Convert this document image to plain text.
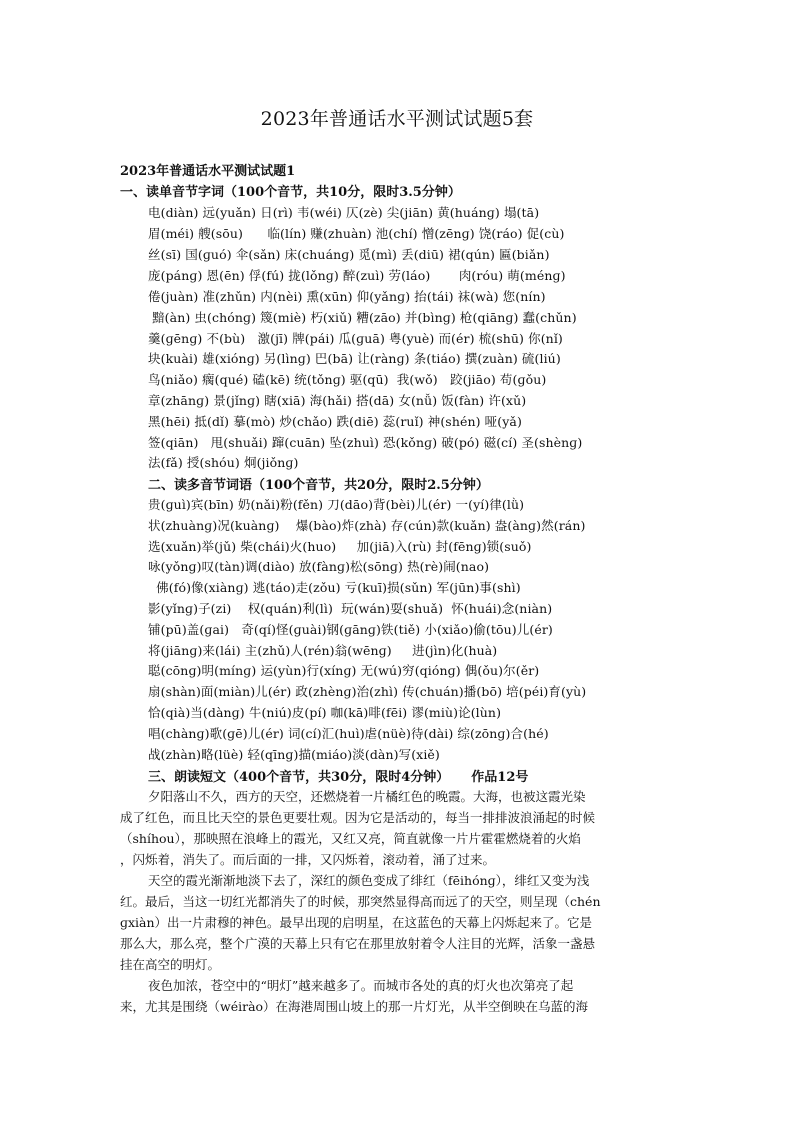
2023年普通话水平测试试题5套
2023年普通话水平测试试题1
一、读单音节字词（100个音节，共10分，限时3.5分钟）
电(diàn) 远(yuǎn) 日(rì) 韦(wéi) 仄(zè) 尖(jiān) 黄(huánɡ) 塌(tā)
眉(méi) 艘(sōu)      临(lín) 赚(zhuàn) 池(chí) 憎(zēnɡ) 饶(ráo) 促(cù)
丝(sī) 国(ɡuó) 伞(sǎn) 床(chuánɡ) 觅(mì) 丢(diū) 裙(qún) 匾(biǎn)
庞(pánɡ) 恩(ēn) 俘(fú) 拢(lǒnɡ) 醉(zuì) 劳(láo)       肉(róu) 萌(ménɡ)
倦(juàn) 准(zhǔn) 内(nèi) 熏(xūn) 仰(yǎnɡ) 抬(tái) 袜(wà) 您(nín)
黯(àn) 虫(chónɡ) 篾(miè) 朽(xiǔ) 糟(zāo) 并(bìnɡ) 枪(qiānɡ) 蠢(chǔn)
羹(ɡēnɡ) 不(bù)   激(jī) 牌(pái) 瓜(ɡuā) 粤(yuè) 而(ér) 梳(shū) 你(nǐ)
块(kuài) 雄(xiónɡ) 另(lìnɡ) 巴(bā) 让(rànɡ) 条(tiáo) 撰(zuàn) 硫(liú)
鸟(niǎo) 瘸(qué) 磕(kē) 统(tǒnɡ) 驱(qū)  我(wǒ)   跤(jiāo) 苟(ɡǒu)
章(zhānɡ) 景(jǐnɡ) 瞎(xiā) 海(hǎi) 搭(dā) 女(nǚ) 饭(fàn) 许(xǔ)
黑(hēi) 抵(dǐ) 摹(mò) 炒(chǎo) 跌(diē) 蕊(ruǐ) 神(shén) 哑(yǎ)
签(qiān)   甩(shuǎi) 蹿(cuān) 坠(zhuì) 恐(kǒnɡ) 破(pó) 磁(cí) 圣(shènɡ)
法(fǎ) 授(shóu) 炯(jiǒnɡ)
二、读多音节词语（100个音节，共20分，限时2.5分钟）
贵(ɡuì)宾(bīn) 奶(nǎi)粉(fěn) 刀(dāo)背(bèi)儿(ér) 一(yí)律(lǜ)
状(zhuànɡ)况(kuànɡ)    爆(bào)炸(zhà) 存(cún)款(kuǎn) 盎(ànɡ)然(rán)
选(xuǎn)举(jǔ) 柴(chái)火(huo)     加(jiā)入(rù) 封(fēnɡ)锁(suǒ)
咏(yǒnɡ)叹(tàn)调(diào) 放(fànɡ)松(sōnɡ) 热(rè)闹(nao)
佛(fó)像(xiànɡ) 逃(táo)走(zǒu) 亏(kuī)损(sǔn) 军(jūn)事(shì)
影(yǐnɡ)子(zi)    权(quán)利(lì)  玩(wán)耍(shuǎ)  怀(huái)念(niàn)
铺(pū)盖(ɡai)   奇(qí)怪(ɡuài)钢(ɡānɡ)铁(tiě) 小(xiǎo)偷(tōu)儿(ér)
将(jiānɡ)来(lái) 主(zhǔ)人(rén)翁(wēnɡ)     进(jìn)化(huà)
聪(cōnɡ)明(mínɡ) 运(yùn)行(xínɡ) 无(wú)穷(qiónɡ) 偶(ǒu)尔(ěr)
扇(shàn)面(miàn)儿(ér) 政(zhènɡ)治(zhì) 传(chuán)播(bō) 培(péi)育(yù)
恰(qià)当(dànɡ) 牛(niú)皮(pí) 咖(kā)啡(fēi) 谬(miù)论(lùn)
唱(chànɡ)歌(ɡē)儿(ér) 词(cí)汇(huì)虐(nüè)待(dài) 综(zōnɡ)合(hé)
战(zhàn)略(lüè) 轻(qīnɡ)描(miáo)淡(dàn)写(xiě)
三、朗读短文（400个音节，共30分，限时4分钟） 作品12号
夕阳落山不久，西方的天空，还燃烧着一片橘红色的晚霞。大海，也被这霞光染
成了红色，而且比天空的景色更要壮观。因为它是活动的，每当一排排波浪涌起的时候
（shíhou），那映照在浪峰上的霞光，又红又亮，简直就像一片片霍霍燃烧着的火焰
，闪烁着，消失了。而后面的一排，又闪烁着，滚动着，涌了过来。
天空的霞光渐渐地淡下去了，深红的颜色变成了绯红（fēihónɡ），绯红又变为浅
红。最后，当这一切红光都消失了的时候，那突然显得高而远了的天空，则呈现（chén
ɡxiàn）出一片肃穆的神色。最早出现的启明星，在这蓝色的天幕上闪烁起来了。它是
那么大，那么亮，整个广漠的天幕上只有它在那里放射着令人注目的光辉，活象一盏悬
挂在高空的明灯。
夜色加浓，苍空中的“明灯”越来越多了。而城市各处的真的灯火也次第亮了起
来，尤其是围绕（wéirào）在海港周围山坡上的那一片灯光，从半空倒映在乌蓝的海
